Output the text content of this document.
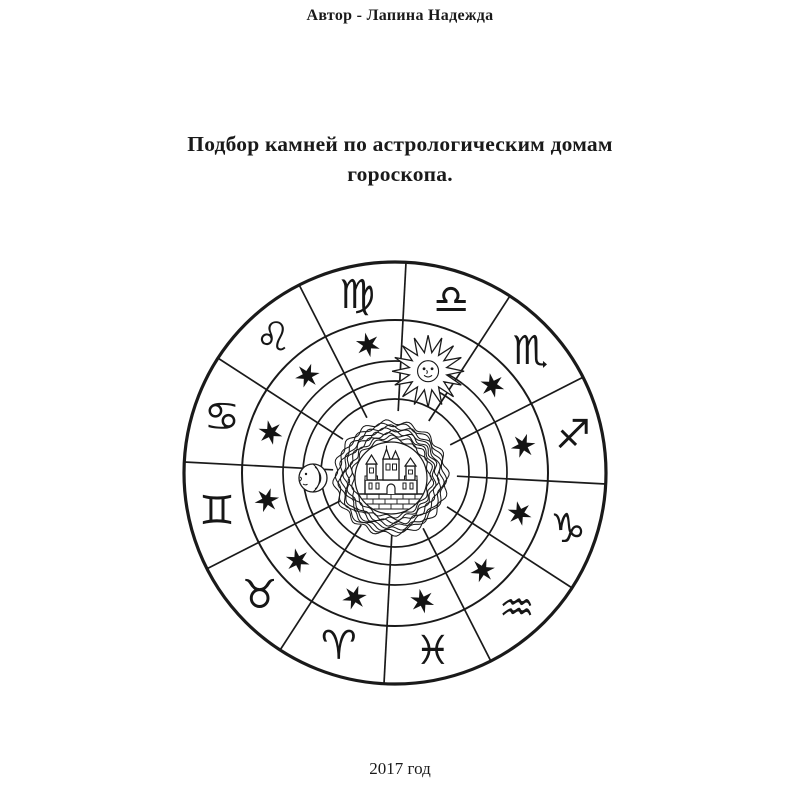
Автор - Лапина Надежда
Подбор камней по астрологическим домам
гороскопа.
♍ ♎
♏
♐
♑
♒
♓
♈
♉
♊
♋
♌
2017 год
